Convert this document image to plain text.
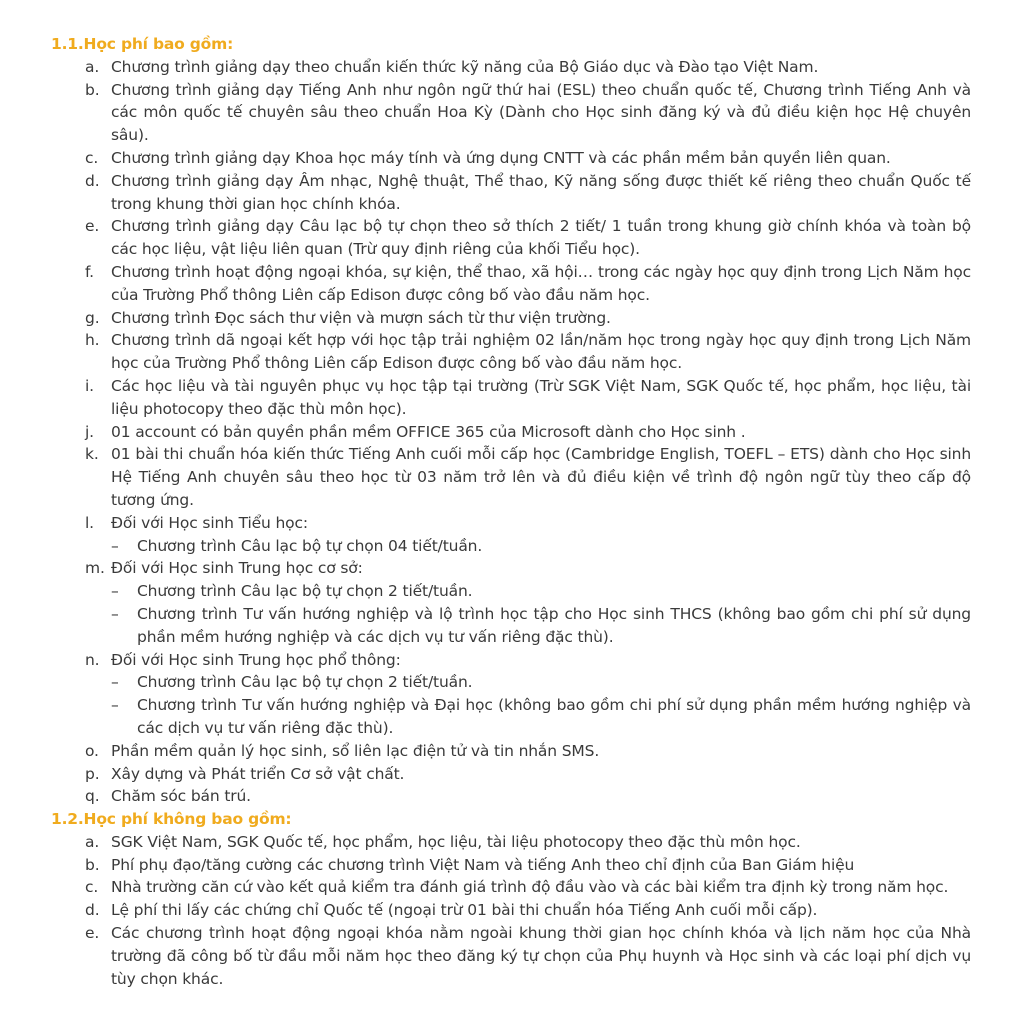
1.1.Học phí bao gồm:
a. Chương trình giảng dạy theo chuẩn kiến thức kỹ năng của Bộ Giáo dục và Đào tạo Việt Nam.
b. Chương trình giảng dạy Tiếng Anh như ngôn ngữ thứ hai (ESL) theo chuẩn quốc tế, Chương trình Tiếng Anh và các môn quốc tế chuyên sâu theo chuẩn Hoa Kỳ (Dành cho Học sinh đăng ký và đủ điều kiện học Hệ chuyên sâu).
c. Chương trình giảng dạy Khoa học máy tính và ứng dụng CNTT và các phần mềm bản quyền liên quan.
d. Chương trình giảng dạy Âm nhạc, Nghệ thuật, Thể thao, Kỹ năng sống được thiết kế riêng theo chuẩn Quốc tế trong khung thời gian học chính khóa.
e. Chương trình giảng dạy Câu lạc bộ tự chọn theo sở thích 2 tiết/ 1 tuần trong khung giờ chính khóa và toàn bộ các học liệu, vật liệu liên quan (Trừ quy định riêng của khối Tiểu học).
f. Chương trình hoạt động ngoại khóa, sự kiện, thể thao, xã hội… trong các ngày học quy định trong Lịch Năm học của Trường Phổ thông Liên cấp Edison được công bố vào đầu năm học.
g. Chương trình Đọc sách thư viện và mượn sách từ thư viện trường.
h. Chương trình dã ngoại kết hợp với học tập trải nghiệm 02 lần/năm học trong ngày học quy định trong Lịch Năm học của Trường Phổ thông Liên cấp Edison được công bố vào đầu năm học.
i. Các học liệu và tài nguyên phục vụ học tập tại trường (Trừ SGK Việt Nam, SGK Quốc tế, học phẩm, học liệu, tài liệu photocopy theo đặc thù môn học).
j. 01 account có bản quyền phần mềm OFFICE 365 của Microsoft dành cho Học sinh .
k. 01 bài thi chuẩn hóa kiến thức Tiếng Anh cuối mỗi cấp học (Cambridge English, TOEFL – ETS) dành cho Học sinh Hệ Tiếng Anh chuyên sâu theo học từ 03 năm trở lên và đủ điều kiện về trình độ ngôn ngữ tùy theo cấp độ tương ứng.
l. Đối với Học sinh Tiểu học:
– Chương trình Câu lạc bộ tự chọn 04 tiết/tuần.
m. Đối với Học sinh Trung học cơ sở:
– Chương trình Câu lạc bộ tự chọn 2 tiết/tuần.
– Chương trình Tư vấn hướng nghiệp và lộ trình học tập cho Học sinh THCS (không bao gồm chi phí sử dụng phần mềm hướng nghiệp và các dịch vụ tư vấn riêng đặc thù).
n. Đối với Học sinh Trung học phổ thông:
– Chương trình Câu lạc bộ tự chọn 2 tiết/tuần.
– Chương trình Tư vấn hướng nghiệp và Đại học (không bao gồm chi phí sử dụng phần mềm hướng nghiệp và các dịch vụ tư vấn riêng đặc thù).
o. Phần mềm quản lý học sinh, sổ liên lạc điện tử và tin nhắn SMS.
p. Xây dựng và Phát triển Cơ sở vật chất.
q. Chăm sóc bán trú.
1.2.Học phí không bao gồm:
a. SGK Việt Nam, SGK Quốc tế, học phẩm, học liệu, tài liệu photocopy theo đặc thù môn học.
b. Phí phụ đạo/tăng cường các chương trình Việt Nam và tiếng Anh theo chỉ định của Ban Giám hiệu
c. Nhà trường căn cứ vào kết quả kiểm tra đánh giá trình độ đầu vào và các bài kiểm tra định kỳ trong năm học.
d. Lệ phí thi lấy các chứng chỉ Quốc tế (ngoại trừ 01 bài thi chuẩn hóa Tiếng Anh cuối mỗi cấp).
e. Các chương trình hoạt động ngoại khóa nằm ngoài khung thời gian học chính khóa và lịch năm học của Nhà trường đã công bố từ đầu mỗi năm học theo đăng ký tự chọn của Phụ huynh và Học sinh và các loại phí dịch vụ tùy chọn khác.
